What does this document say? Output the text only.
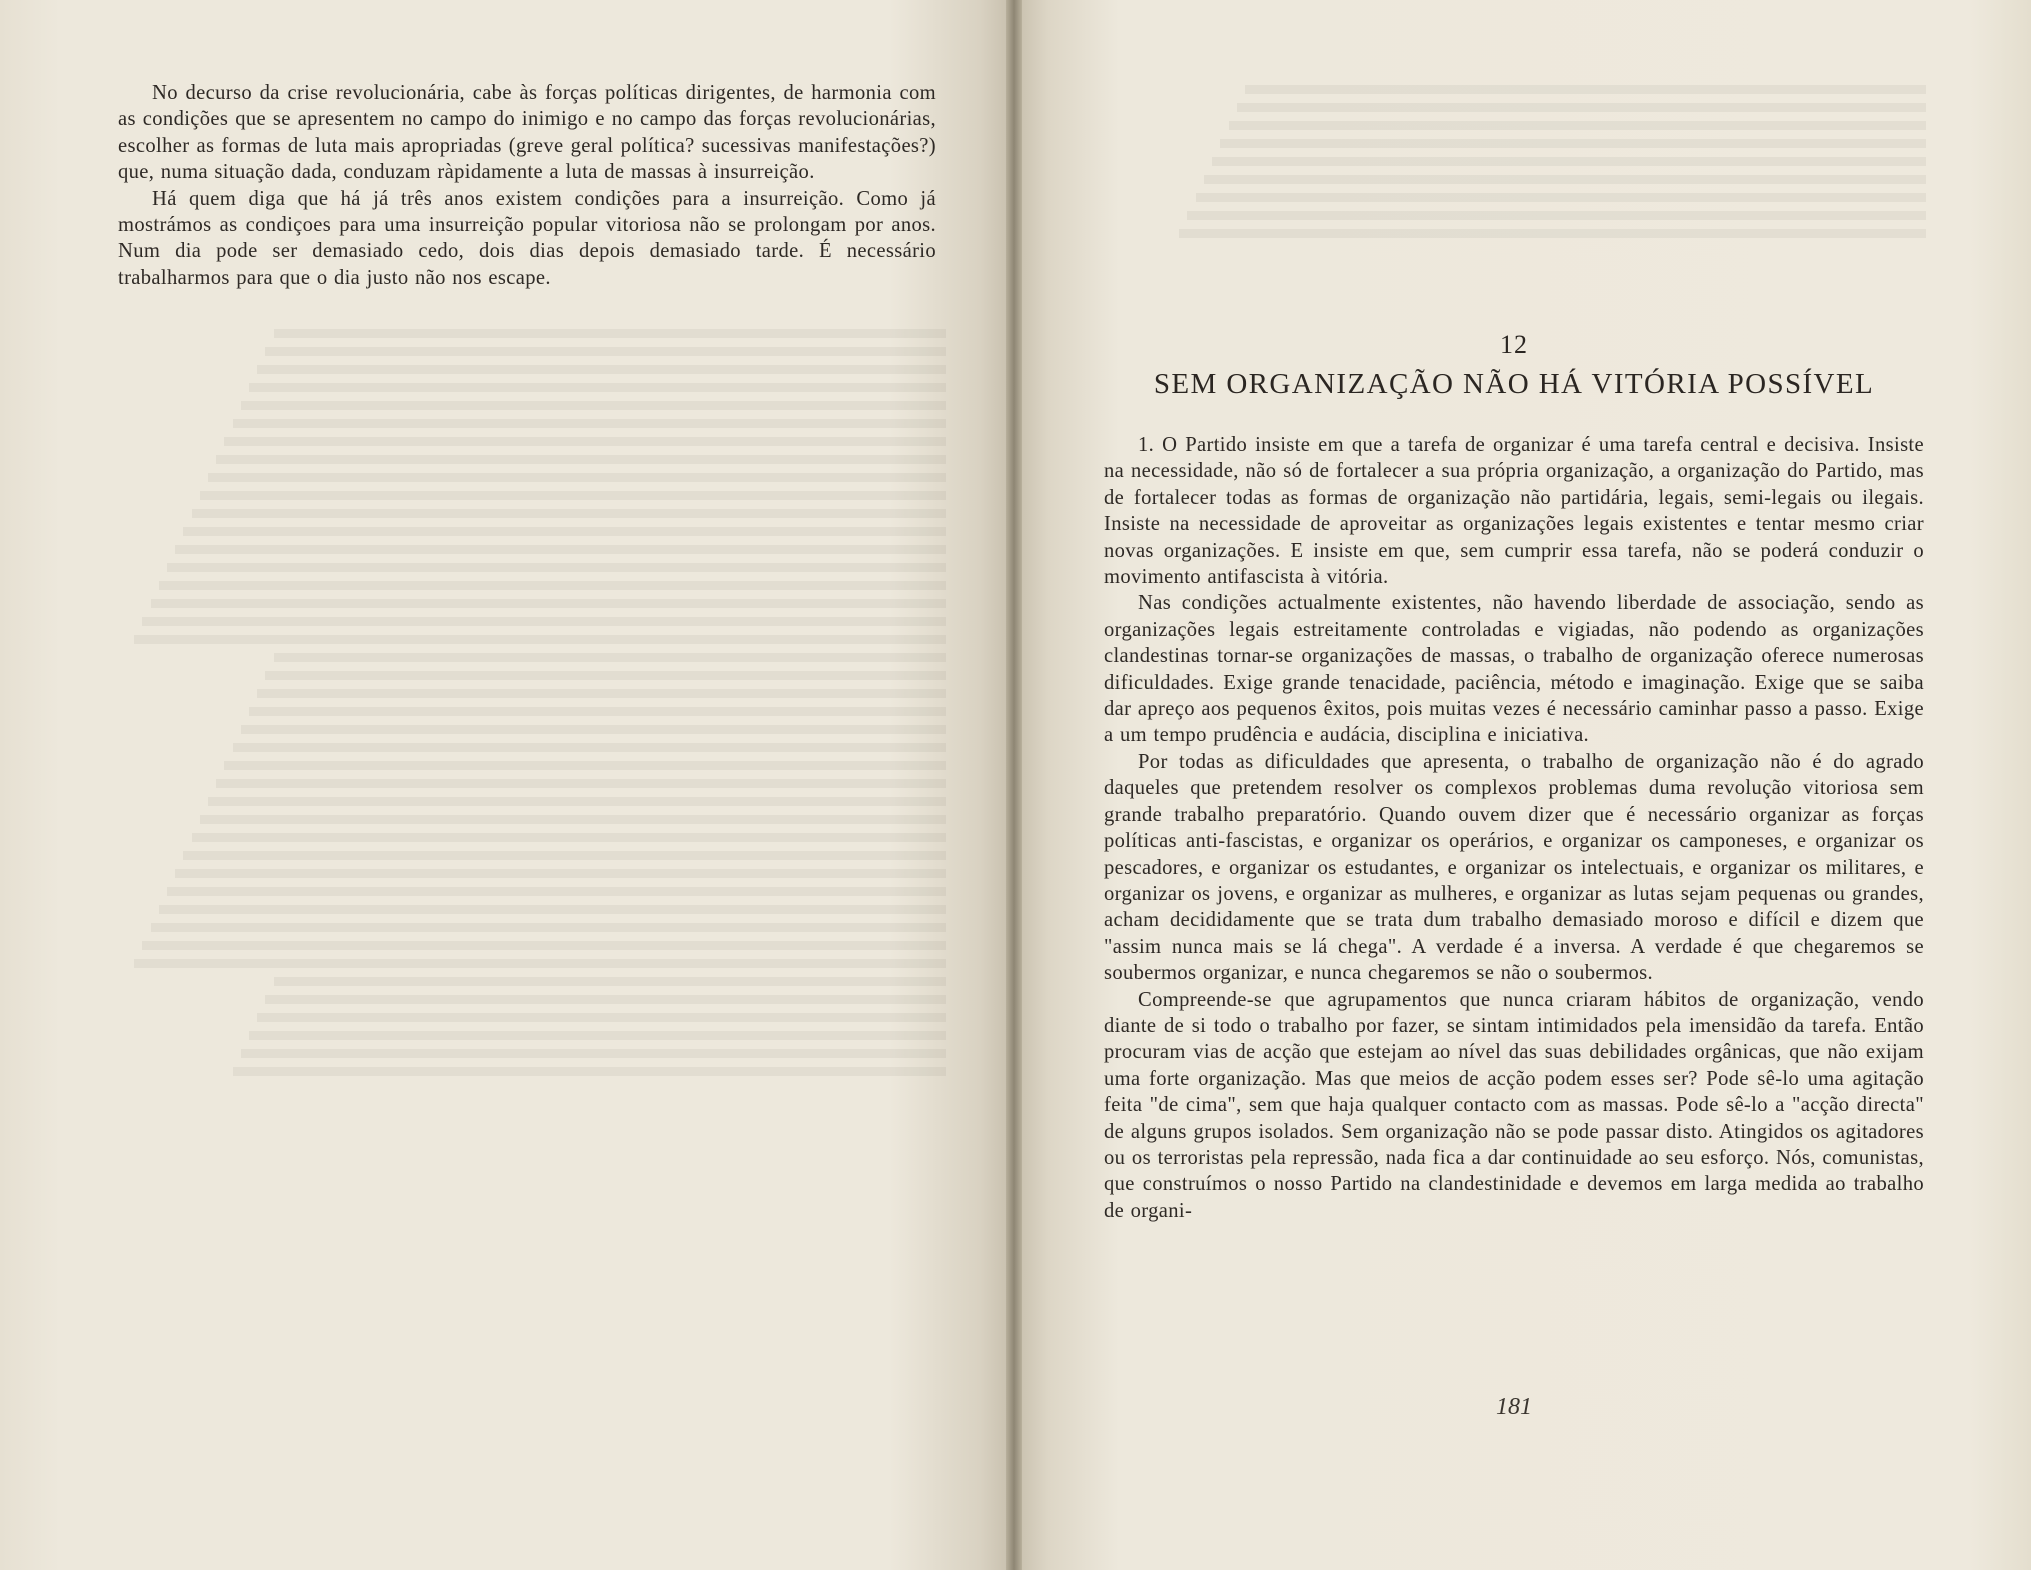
No decurso da crise revolucionária, cabe às forças políticas dirigentes, de harmonia com as condições que se apresentem no campo do inimigo e no campo das forças revolucionárias, escolher as formas de luta mais apropriadas (greve geral política? sucessivas manifestações?) que, numa situação dada, conduzam ràpidamente a luta de massas à insurreição.

Há quem diga que há já três anos existem condições para a insurreição. Como já mostrámos as condiçoes para uma insurreição popular vitoriosa não se prolongam por anos. Num dia pode ser demasiado cedo, dois dias depois demasiado tarde. É necessário trabalharmos para que o dia justo não nos escape.

12
SEM ORGANIZAÇÃO NÃO HÁ VITÓRIA POSSÍVEL

1. O Partido insiste em que a tarefa de organizar é uma tarefa central e decisiva. Insiste na necessidade, não só de fortalecer a sua própria organização, a organização do Partido, mas de fortalecer todas as formas de organização não partidária, legais, semi-legais ou ilegais. Insiste na necessidade de aproveitar as organizações legais existentes e tentar mesmo criar novas organizações. E insiste em que, sem cumprir essa tarefa, não se poderá conduzir o movimento antifascista à vitória.

Nas condições actualmente existentes, não havendo liberdade de associação, sendo as organizações legais estreitamente controladas e vigiadas, não podendo as organizações clandestinas tornar-se organizações de massas, o trabalho de organização oferece numerosas dificuldades. Exige grande tenacidade, paciência, método e imaginação. Exige que se saiba dar apreço aos pequenos êxitos, pois muitas vezes é necessário caminhar passo a passo. Exige a um tempo prudência e audácia, disciplina e iniciativa.

Por todas as dificuldades que apresenta, o trabalho de organização não é do agrado daqueles que pretendem resolver os complexos problemas duma revolução vitoriosa sem grande trabalho preparatório. Quando ouvem dizer que é necessário organizar as forças políticas anti-fascistas, e organizar os operários, e organizar os camponeses, e organizar os pescadores, e organizar os estudantes, e organizar os intelectuais, e organizar os militares, e organizar os jovens, e organizar as mulheres, e organizar as lutas sejam pequenas ou grandes, acham decididamente que se trata dum trabalho demasiado moroso e difícil e dizem que "assim nunca mais se lá chega". A verdade é a inversa. A verdade é que chegaremos se soubermos organizar, e nunca chegaremos se não o soubermos.

Compreende-se que agrupamentos que nunca criaram hábitos de organização, vendo diante de si todo o trabalho por fazer, se sintam intimidados pela imensidão da tarefa. Então procuram vias de acção que estejam ao nível das suas debilidades orgânicas, que não exijam uma forte organização. Mas que meios de acção podem esses ser? Pode sê-lo uma agitação feita "de cima", sem que haja qualquer contacto com as massas. Pode sê-lo a "acção directa" de alguns grupos isolados. Sem organização não se pode passar disto. Atingidos os agitadores ou os terroristas pela repressão, nada fica a dar continuidade ao seu esforço. Nós, comunistas, que construímos o nosso Partido na clandestinidade e devemos em larga medida ao trabalho de organi-

181
